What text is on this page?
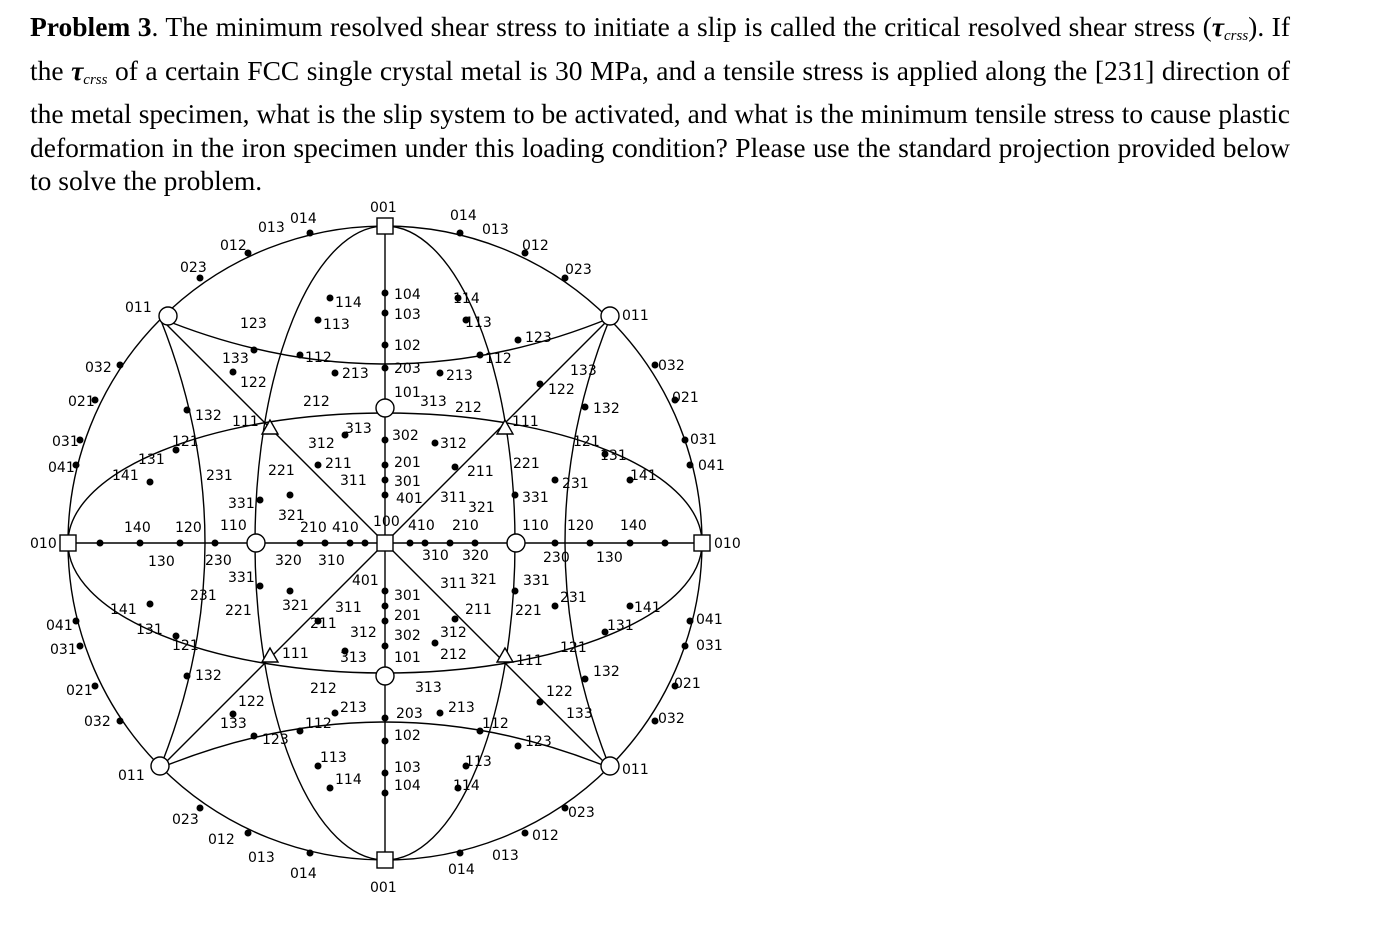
Problem 3. The minimum resolved shear stress to initiate a slip is called the critical resolved shear stress $(\tau_{crss})$. If the $\tau_{crss}$ of a certain FCC single crystal metal is 30 MPa, and a tensile stress is applied along the [231] direction of the metal specimen, what is the slip system to be activated, and what is the minimum tensile stress to cause plastic deformation in the iron specimen under this loading condition? Please use the standard projection provided below to solve the problem.
001
001
010	010
100
014	014
013	013
012	012
023	023
011	011
032	032
021	021
031	031
041	041
104
103
102
203
101
302
201
301
401
114	114
113	113
112	112
111	111
313
313
212	212
213	213
312	312
211	211
311
311
321	321
331	331
221	221
231	231
133
133
122	122
123
123
132	132
121	121
131	131
141	141
410	410
310	310
210	210
320	320
110	110
120	120
130	130
140	140
230	230
104
103
102
203
101
302
201
301
401
114	114
113	113
112	112
111	111
313
313
212
212
213	213
312	312
211
211
311
311
321
321
331	331
221	221
231	231
133
133
122
122
123	123
132	132
121	121
131	131
141	141
014	014
013	013
012	012
023	023
011	011
032	032
021	021
031	031
041	041
